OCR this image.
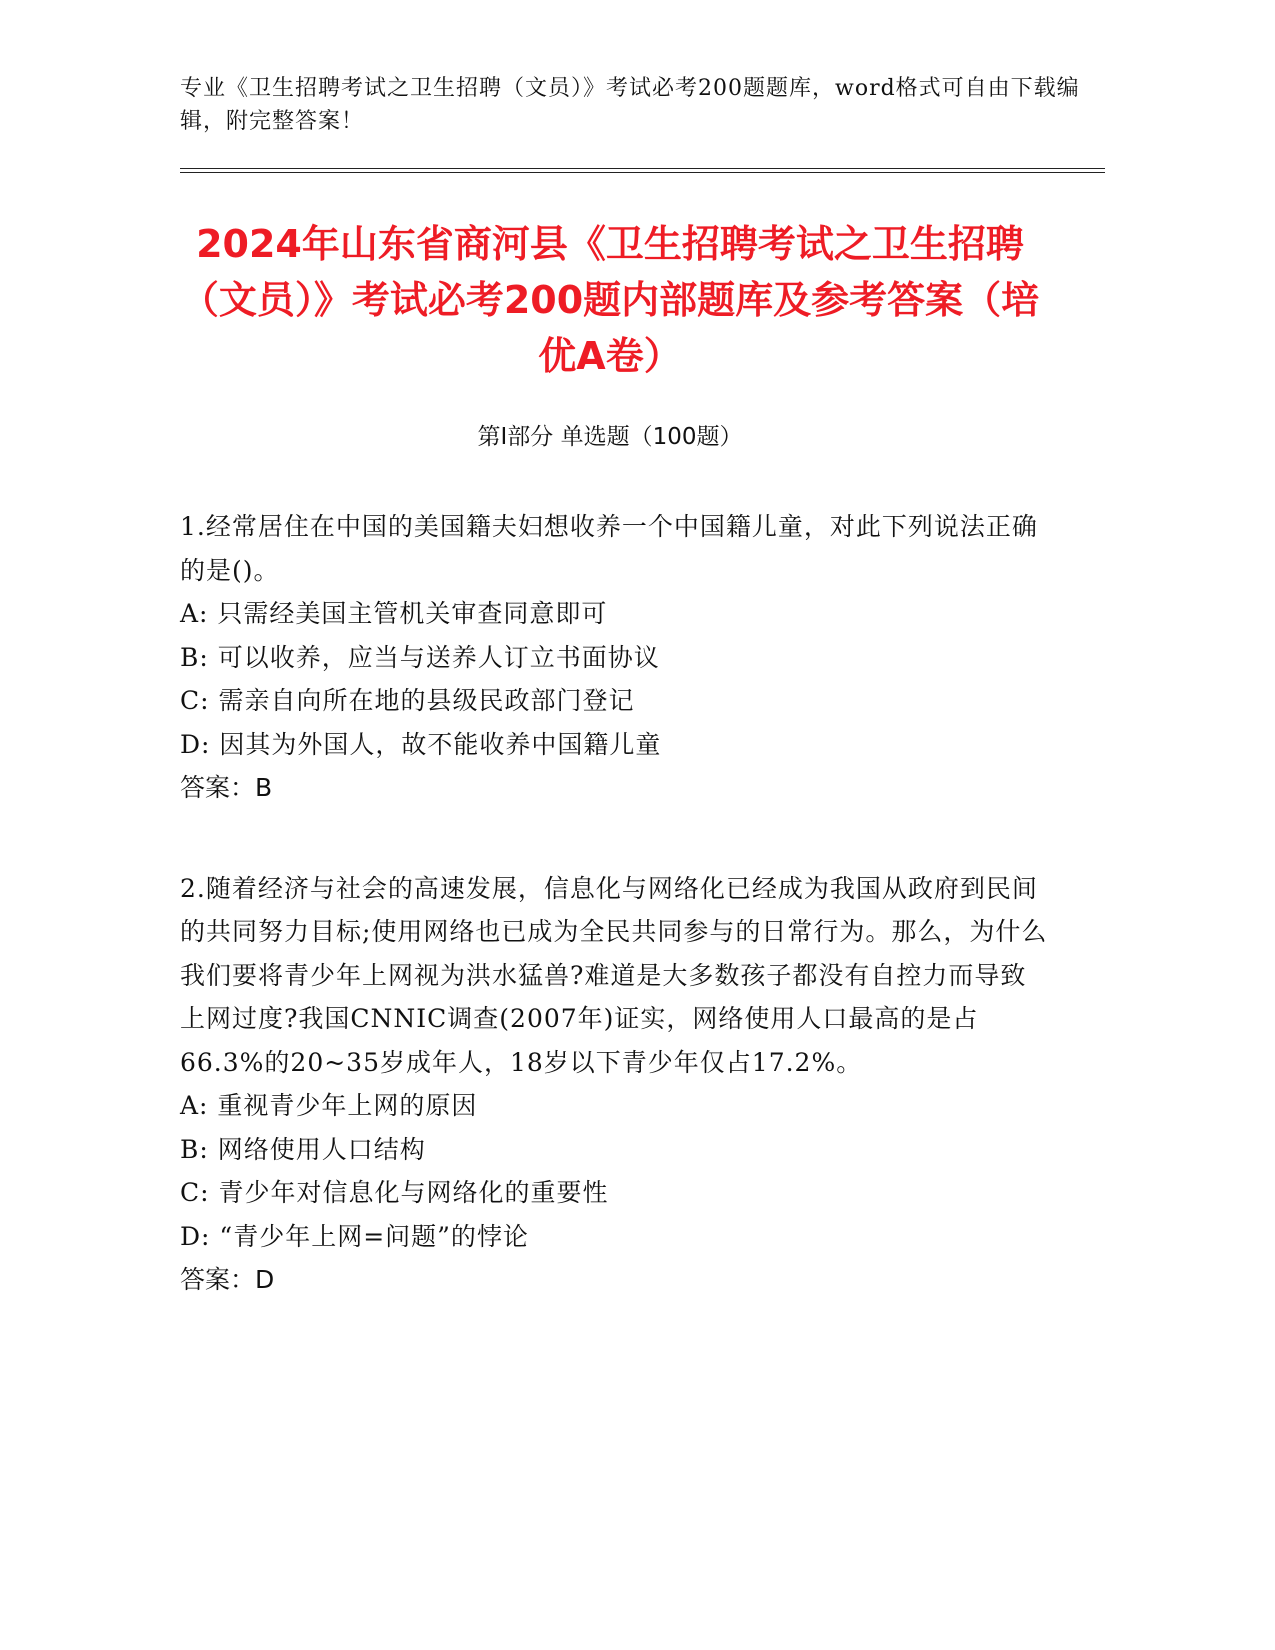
专业《卫生招聘考试之卫生招聘（文员）》考试必考200题题库，word格式可自由下载编辑，附完整答案！
2024年山东省商河县《卫生招聘考试之卫生招聘（文员）》考试必考200题内部题库及参考答案（培优A卷）
第I部分 单选题（100题）

1.经常居住在中国的美国籍夫妇想收养一个中国籍儿童，对此下列说法正确的是()。

A: 只需经美国主管机关审查同意即可

B: 可以收养，应当与送养人订立书面协议

C: 需亲自向所在地的县级民政部门登记

D: 因其为外国人，故不能收养中国籍儿童

答案：B

2.随着经济与社会的高速发展，信息化与网络化已经成为我国从政府到民间的共同努力目标;使用网络也已成为全民共同参与的日常行为。那么，为什么我们要将青少年上网视为洪水猛兽?难道是大多数孩子都没有自控力而导致上网过度?我国CNNIC调查(2007年)证实，网络使用人口最高的是占66.3%的20~35岁成年人，18岁以下青少年仅占17.2%。

A: 重视青少年上网的原因

B: 网络使用人口结构

C: 青少年对信息化与网络化的重要性

D: “青少年上网=问题”的悖论

答案：D
